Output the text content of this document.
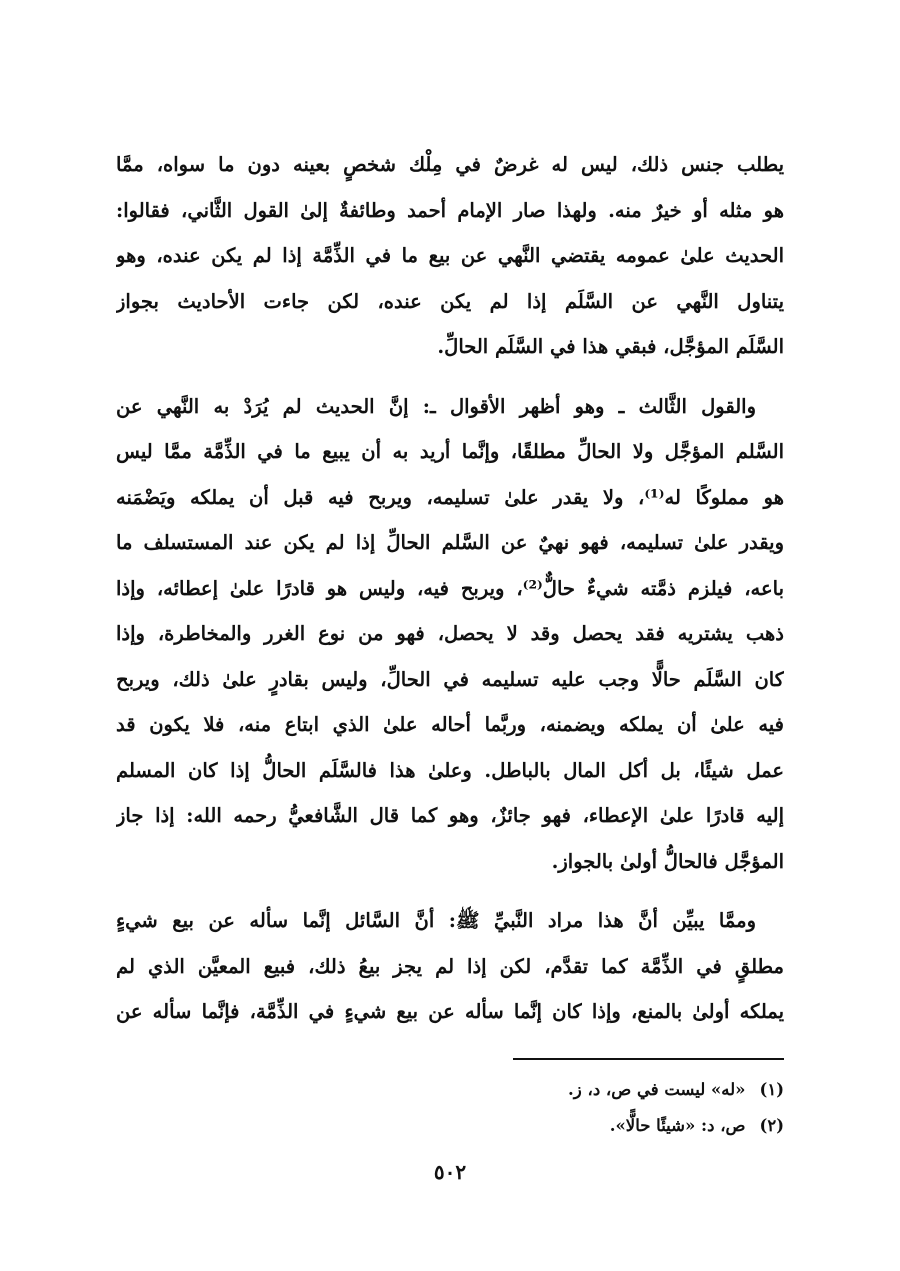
يطلب جنس ذلك، ليس له غرضٌ في مِلْك شخصٍ بعينه دون ما سواه، ممَّا
هو مثله أو خيرٌ منه. ولهذا صار الإمام أحمد وطائفةٌ إلىٰ القول الثَّاني، فقالوا:
الحديث علىٰ عمومه يقتضي النَّهي عن بيع ما في الذِّمَّة إذا لم يكن عنده، وهو
يتناول النَّهي عن السَّلَم إذا لم يكن عنده، لكن جاءت الأحاديث بجواز
السَّلَم المؤجَّل، فبقي هذا في السَّلَم الحالِّ.
والقول الثَّالث ـ وهو أظهر الأقوال ـ: إنَّ الحديث لم يُرَدْ به النَّهي عن
السَّلم المؤجَّل ولا الحالِّ مطلقًا، وإنَّما أريد به أن يبيع ما في الذِّمَّة ممَّا ليس
هو مملوكًا له⁽¹⁾، ولا يقدر علىٰ تسليمه، ويربح فيه قبل أن يملكه ويَضْمَنه
ويقدر علىٰ تسليمه، فهو نهيٌ عن السَّلم الحالِّ إذا لم يكن عند المستسلف ما
باعه، فيلزم ذمَّته شيءٌ حالٌّ⁽²⁾، ويربح فيه، وليس هو قادرًا علىٰ إعطائه، وإذا
ذهب يشتريه فقد يحصل وقد لا يحصل، فهو من نوع الغرر والمخاطرة، وإذا
كان السَّلَم حالًّا وجب عليه تسليمه في الحالِّ، وليس بقادرٍ علىٰ ذلك، ويربح
فيه علىٰ أن يملكه ويضمنه، وربَّما أحاله علىٰ الذي ابتاع منه، فلا يكون قد
عمل شيئًا، بل أكل المال بالباطل. وعلىٰ هذا فالسَّلَم الحالُّ إذا كان المسلم
إليه قادرًا علىٰ الإعطاء، فهو جائزٌ، وهو كما قال الشَّافعيُّ رحمه الله: إذا جاز
المؤجَّل فالحالُّ أولىٰ بالجواز.
وممَّا يبيِّن أنَّ هذا مراد النَّبيِّ ﷺ: أنَّ السَّائل إنَّما سأله عن بيع شيءٍ
مطلقٍ في الذِّمَّة كما تقدَّم، لكن إذا لم يجز بيعُ ذلك، فبيع المعيَّن الذي لم
يملكه أولىٰ بالمنع، وإذا كان إنَّما سأله عن بيع شيءٍ في الذِّمَّة، فإنَّما سأله عن
(١)«له» ليست في ص، د، ز.
(٢)ص، د: «شيئًا حالًّا».
٥٠٢
